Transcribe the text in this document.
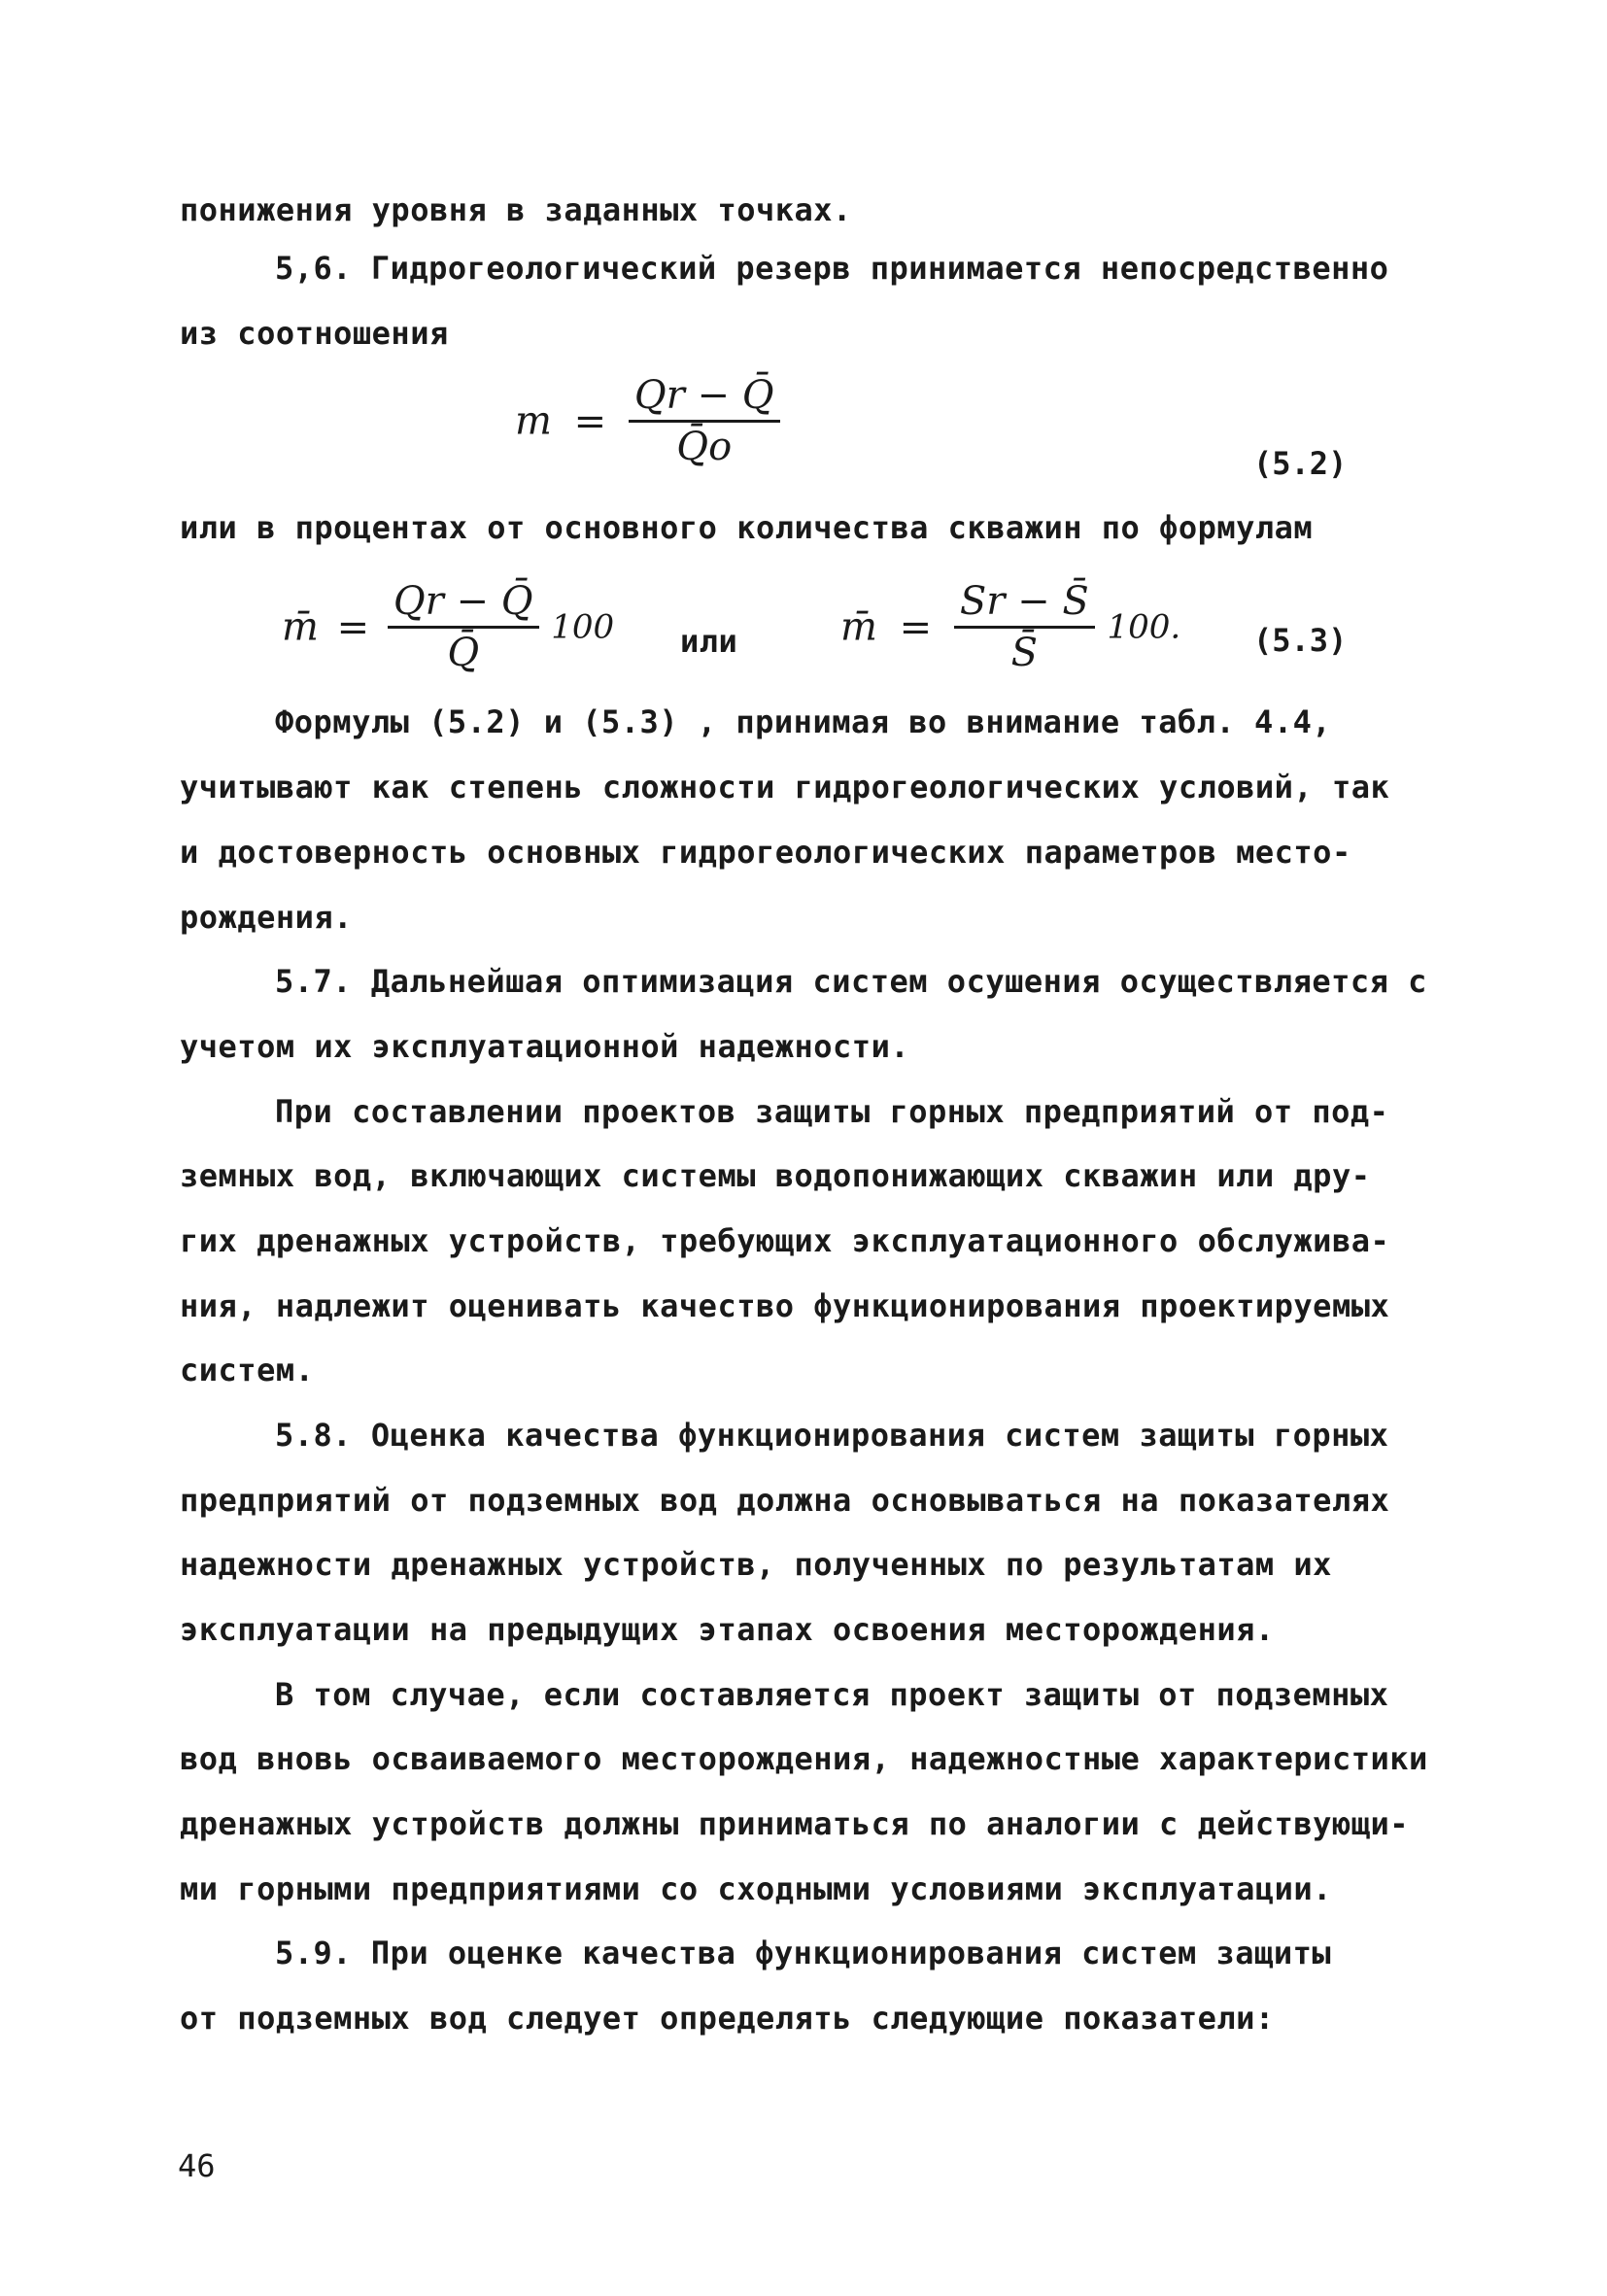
понижения уровня в заданных точках.
5,6. Гидрогеологический резерв принимается непосредственно
из соотношения
$m = \frac{Qr - Q̄}{Q̄o}$	(5.2)
или в процентах от основного количества скважин по формулам
m̄ = $\frac{Qr - Q̄}{Q̄} 100$ или	m̄ = $\frac{Sr - S̄}{S̄} 100$. (5.3)
Формулы (5.2) и (5.3) , принимая во внимание табл. 4.4,
учитывают как степень сложности гидрогеологических условий, так
и достоверность основных гидрогеологических параметров место-
рождения.
5.7. Дальнейшая оптимизация систем осушения осуществляется с
учетом их эксплуатационной надежности.
При составлении проектов защиты горных предприятий от под-
земных вод, включающих системы водопонижающих скважин или дру-
гих дренажных устройств, требующих эксплуатационного обслужива-
ния, надлежит оценивать качество функционирования проектируемых
систем.
5.8. Оценка качества функционирования систем защиты горных
предприятий от подземных вод должна основываться на показателях
надежности дренажных устройств, полученных по результатам их
эксплуатации на предыдущих этапах освоения месторождения.
В том случае, если составляется проект защиты от подземных
вод вновь осваиваемого месторождения, надежностные характеристики
дренажных устройств должны приниматься по аналогии с действующи-
ми горными предприятиями со сходными условиями эксплуатации.
5.9. При оценке качества функционирования систем защиты
от подземных вод следует определять следующие показатели:
46
